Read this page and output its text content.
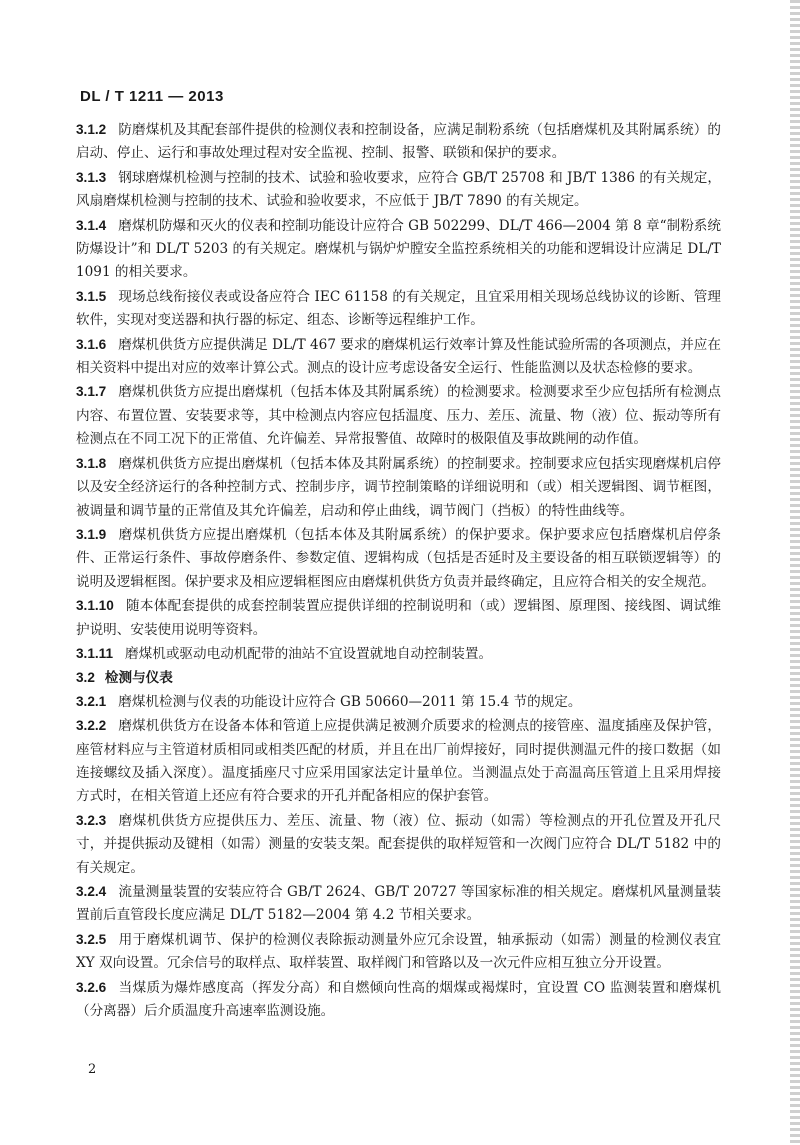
DL / T 1211 — 2013

3.1.2 防磨煤机及其配套部件提供的检测仪表和控制设备，应满足制粉系统（包括磨煤机及其附属系统）的启动、停止、运行和事故处理过程对安全监视、控制、报警、联锁和保护的要求。

3.1.3 钢球磨煤机检测与控制的技术、试验和验收要求，应符合 GB/T 25708 和 JB/T 1386 的有关规定，风扇磨煤机检测与控制的技术、试验和验收要求，不应低于 JB/T 7890 的有关规定。

3.1.4 磨煤机防爆和灭火的仪表和控制功能设计应符合 GB 502299、DL/T 466—2004 第 8 章“制粉系统防爆设计”和 DL/T 5203 的有关规定。磨煤机与锅炉炉膛安全监控系统相关的功能和逻辑设计应满足 DL/T 1091 的相关要求。

3.1.5 现场总线衔接仪表或设备应符合 IEC 61158 的有关规定，且宜采用相关现场总线协议的诊断、管理软件，实现对变送器和执行器的标定、组态、诊断等远程维护工作。

3.1.6 磨煤机供货方应提供满足 DL/T 467 要求的磨煤机运行效率计算及性能试验所需的各项测点，并应在相关资料中提出对应的效率计算公式。测点的设计应考虑设备安全运行、性能监测以及状态检修的要求。

3.1.7 磨煤机供货方应提出磨煤机（包括本体及其附属系统）的检测要求。检测要求至少应包括所有检测点内容、布置位置、安装要求等，其中检测点内容应包括温度、压力、差压、流量、物（液）位、振动等所有检测点在不同工况下的正常值、允许偏差、异常报警值、故障时的极限值及事故跳闸的动作值。

3.1.8 磨煤机供货方应提出磨煤机（包括本体及其附属系统）的控制要求。控制要求应包括实现磨煤机启停以及安全经济运行的各种控制方式、控制步序，调节控制策略的详细说明和（或）相关逻辑图、调节框图，被调量和调节量的正常值及其允许偏差，启动和停止曲线，调节阀门（挡板）的特性曲线等。

3.1.9 磨煤机供货方应提出磨煤机（包括本体及其附属系统）的保护要求。保护要求应包括磨煤机启停条件、正常运行条件、事故停磨条件、参数定值、逻辑构成（包括是否延时及主要设备的相互联锁逻辑等）的说明及逻辑框图。保护要求及相应逻辑框图应由磨煤机供货方负责并最终确定，且应符合相关的安全规范。

3.1.10 随本体配套提供的成套控制装置应提供详细的控制说明和（或）逻辑图、原理图、接线图、调试维护说明、安装使用说明等资料。

3.1.11 磨煤机或驱动电动机配带的油站不宜设置就地自动控制装置。

3.2 检测与仪表

3.2.1 磨煤机检测与仪表的功能设计应符合 GB 50660—2011 第 15.4 节的规定。

3.2.2 磨煤机供货方在设备本体和管道上应提供满足被测介质要求的检测点的接管座、温度插座及保护管，座管材料应与主管道材质相同或相类匹配的材质，并且在出厂前焊接好，同时提供测温元件的接口数据（如连接螺纹及插入深度）。温度插座尺寸应采用国家法定计量单位。当测温点处于高温高压管道上且采用焊接方式时，在相关管道上还应有符合要求的开孔并配备相应的保护套管。

3.2.3 磨煤机供货方应提供压力、差压、流量、物（液）位、振动（如需）等检测点的开孔位置及开孔尺寸，并提供振动及键相（如需）测量的安装支架。配套提供的取样短管和一次阀门应符合 DL/T 5182 中的有关规定。

3.2.4 流量测量装置的安装应符合 GB/T 2624、GB/T 20727 等国家标准的相关规定。磨煤机风量测量装置前后直管段长度应满足 DL/T 5182—2004 第 4.2 节相关要求。

3.2.5 用于磨煤机调节、保护的检测仪表除振动测量外应冗余设置，轴承振动（如需）测量的检测仪表宜 XY 双向设置。冗余信号的取样点、取样装置、取样阀门和管路以及一次元件应相互独立分开设置。

3.2.6 当煤质为爆炸感度高（挥发分高）和自燃倾向性高的烟煤或褐煤时，宜设置 CO 监测装置和磨煤机（分离器）后介质温度升高速率监测设施。

2
